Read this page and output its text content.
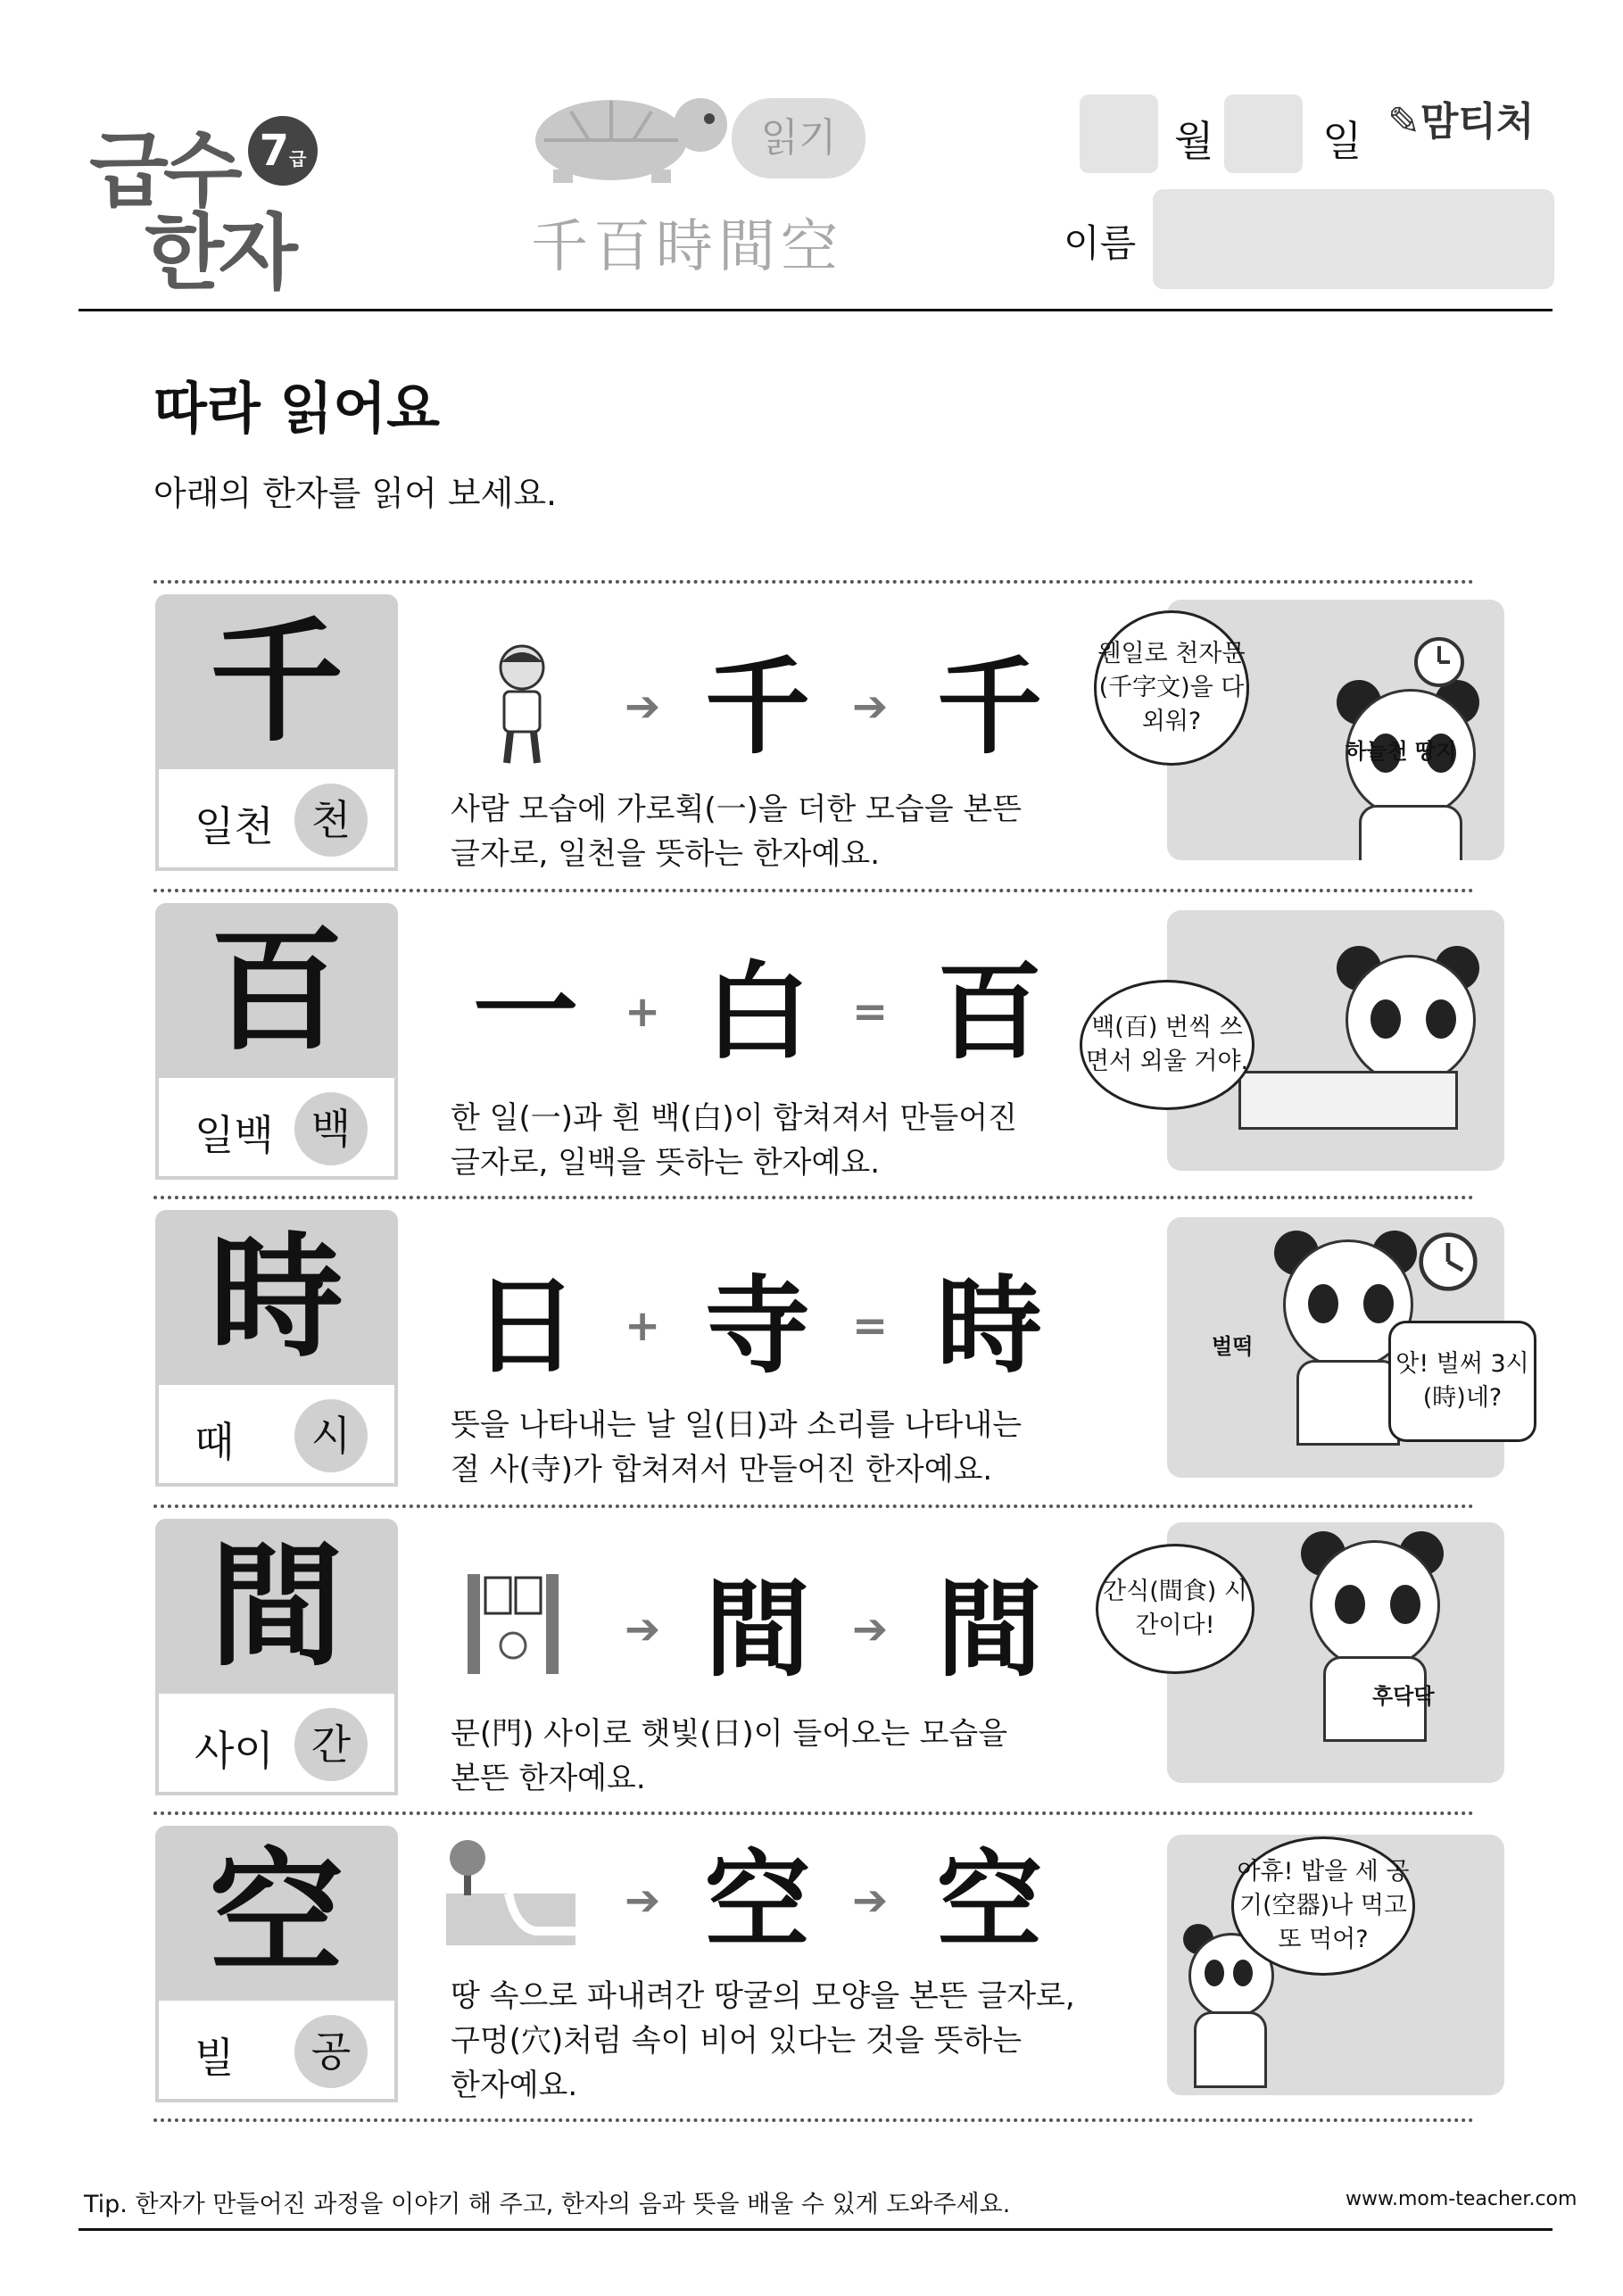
급수
한자
7급	읽기
千百時間空
월	일 ✎맘티처
이름
따라 읽어요
아래의 한자를 읽어 보세요.
千
일천 천
➔ 千 ➔ 千
사람 모습에 가로획(一)을 더한 모습을 본뜬
글자로, 일천을 뜻하는 한자예요.
하늘천 땅지
웬일로 천자문 (千字文)을 다 외워?
百
일백 백
一 + 白 = 百
한 일(一)과 흰 백(白)이 합쳐져서 만들어진
글자로, 일백을 뜻하는 한자예요.
백(百) 번씩 쓰면서 외울 거야.
時
때	시
日 + 寺 = 時
뜻을 나타내는 날 일(日)과 소리를 나타내는
절 사(寺)가 합쳐져서 만들어진 한자예요.
벌떡
앗! 벌써 3시(時)네?
間
사이 간
➔ 間 ➔ 間
문(門) 사이로 햇빛(日)이 들어오는 모습을
본뜬 한자예요.
후닥닥
간식(間食) 시간이다!
空
빌	공
➔ 空 ➔ 空
땅 속으로 파내려간 땅굴의 모양을 본뜬 글자로,
구멍(穴)처럼 속이 비어 있다는 것을 뜻하는
한자예요.
아휴! 밥을 세 공기(空器)나 먹고 또 먹어?
Tip. 한자가 만들어진 과정을 이야기 해 주고, 한자의 음과 뜻을 배울 수 있게 도와주세요.	www.mom-teacher.com
